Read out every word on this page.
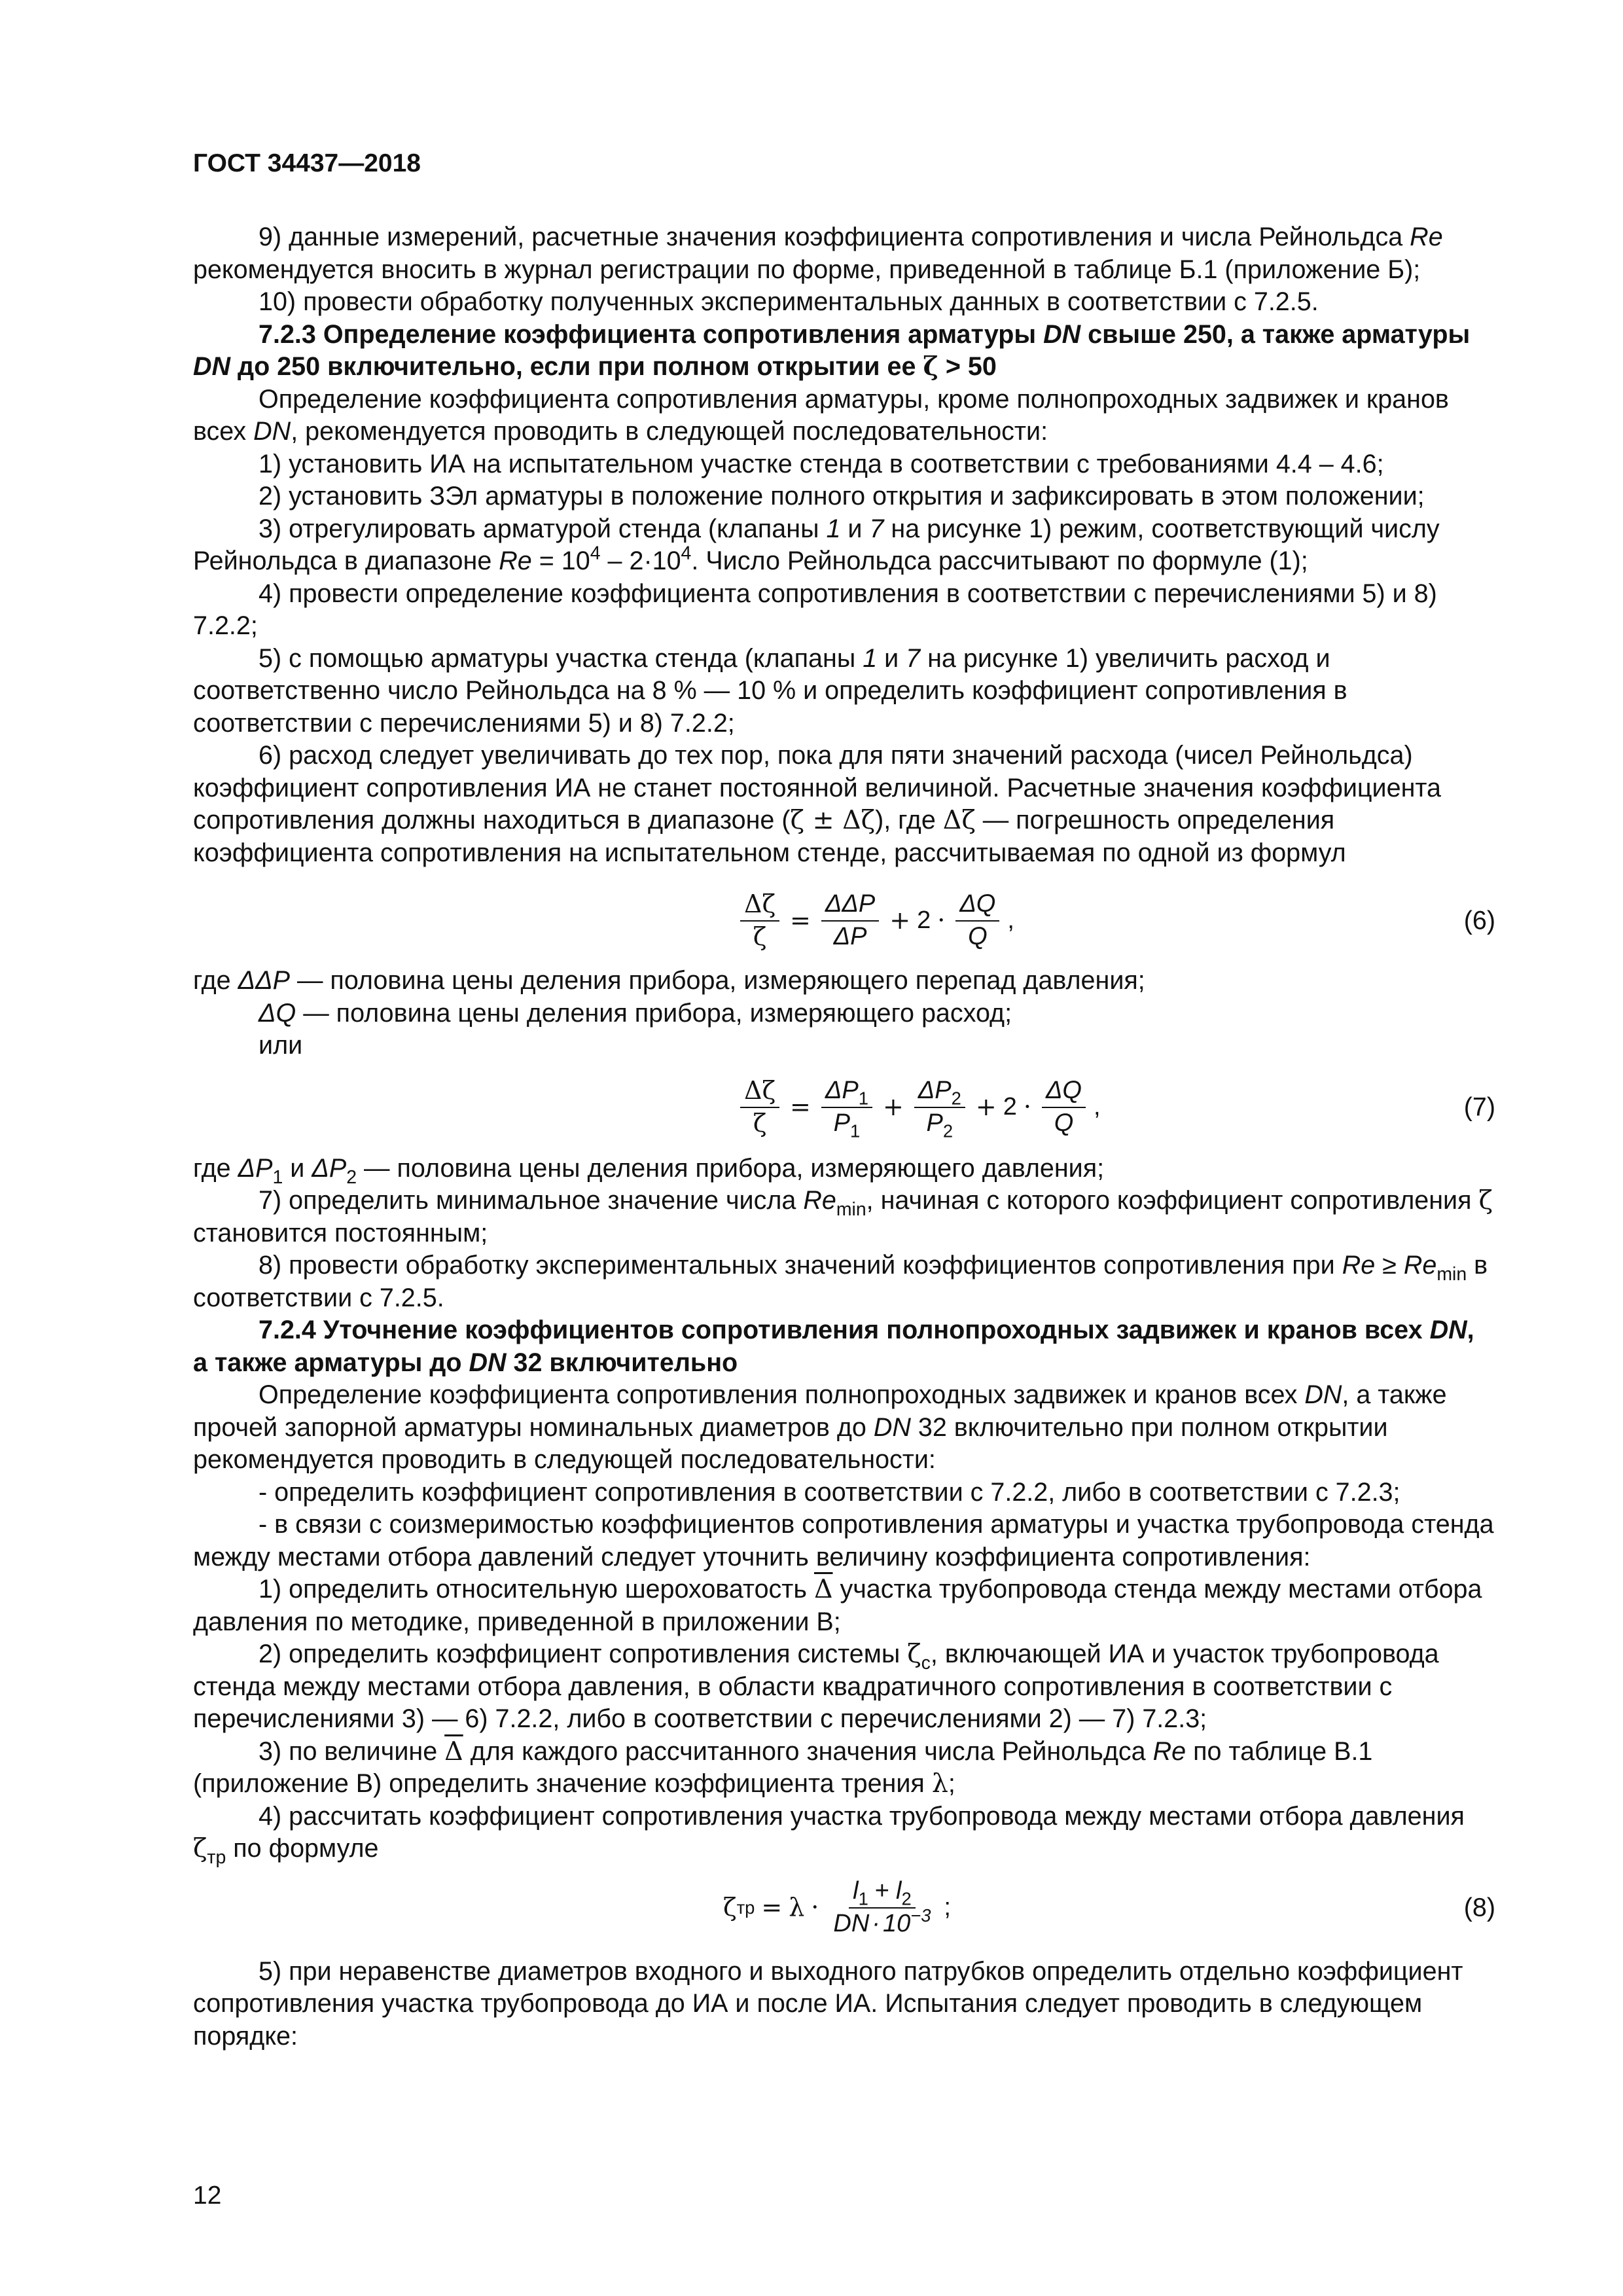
ГОСТ 34437—2018

9) данные измерений, расчетные значения коэффициента сопротивления и числа Рейнольдса Re рекомендуется вносить в журнал регистрации по форме, приведенной в таблице Б.1 (приложение Б);

10) провести обработку полученных экспериментальных данных в соответствии с 7.2.5.

7.2.3 Определение коэффициента сопротивления арматуры DN свыше 250, а также арматуры DN до 250 включительно, если при полном открытии ее ζ > 50

Определение коэффициента сопротивления арматуры, кроме полнопроходных задвижек и кранов всех DN, рекомендуется проводить в следующей последовательности:

1) установить ИА на испытательном участке стенда в соответствии с требованиями 4.4 – 4.6;

2) установить ЗЭл арматуры в положение полного открытия и зафиксировать в этом положении;

3) отрегулировать арматурой стенда (клапаны 1 и 7 на рисунке 1) режим, соответствующий числу Рейнольдса в диапазоне $Re = 10^4 - 2\cdot 10^4$. Число Рейнольдса рассчитывают по формуле (1);

4) провести определение коэффициента сопротивления в соответствии с перечислениями 5) и 8) 7.2.2;

5) с помощью арматуры участка стенда (клапаны 1 и 7 на рисунке 1) увеличить расход и соответственно число Рейнольдса на 8 % — 10 % и определить коэффициент сопротивления в соответствии с перечислениями 5) и 8) 7.2.2;

6) расход следует увеличивать до тех пор, пока для пяти значений расхода (чисел Рейнольдса) коэффициент сопротивления ИА не станет постоянной величиной. Расчетные значения коэффициента сопротивления должны находиться в диапазоне (ζ ± Δζ), где Δζ — погрешность определения коэффициента сопротивления на испытательном стенде, рассчитываемая по одной из формул

$\frac{\Delta\zeta}{\zeta} = \frac{\text{ΔΔP}}{\Delta P} + 2 \cdot \frac{\Delta Q}{Q}$ ,	(6)

где ΔΔP — половина цены деления прибора, измеряющего перепад давления;

ΔQ — половина цены деления прибора, измеряющего расход;

или

$\frac{\Delta\zeta}{\zeta} = \frac{\Delta P_1}{P_1} + \frac{\Delta P_2}{P_2} + 2 \cdot \frac{\Delta Q}{Q}$ ,	(7)

где $\Delta P_1$ и $\Delta P_2$ — половина цены деления прибора, измеряющего давления;

7) определить минимальное значение числа $Re_{min}$, начиная с которого коэффициент сопротивления ζ становится постоянным;

8) провести обработку экспериментальных значений коэффициентов сопротивления при $Re \ge Re_{min}$ в соответствии с 7.2.5.

7.2.4 Уточнение коэффициентов сопротивления полнопроходных задвижек и кранов всех DN, а также арматуры до DN 32 включительно

Определение коэффициента сопротивления полнопроходных задвижек и кранов всех DN, а также прочей запорной арматуры номинальных диаметров до DN 32 включительно при полном открытии рекомендуется проводить в следующей последовательности:

- определить коэффициент сопротивления в соответствии с 7.2.2, либо в соответствии с 7.2.3;

- в связи с соизмеримостью коэффициентов сопротивления арматуры и участка трубопровода стенда между местами отбора давлений следует уточнить величину коэффициента сопротивления:

1) определить относительную шероховатость $\overline{\Delta}$ участка трубопровода стенда между местами отбора давления по методике, приведенной в приложении В;

2) определить коэффициент сопротивления системы $\zeta_с$, включающей ИА и участок трубопровода стенда между местами отбора давления, в области квадратичного сопротивления в соответствии с перечислениями 3) — 6) 7.2.2, либо в соответствии с перечислениями 2) — 7) 7.2.3;

3) по величине $\overline{\Delta}$ для каждого рассчитанного значения числа Рейнольдса Re по таблице В.1 (приложение В) определить значение коэффициента трения λ;

4) рассчитать коэффициент сопротивления участка трубопровода между местами отбора давления $\zeta_{тр}$ по формуле

ζ тр = $\lambda \cdot \frac{l_1 + l_2}{DN \cdot 10^{-3}}$ ;	(8)

5) при неравенстве диаметров входного и выходного патрубков определить отдельно коэффициент сопротивления участка трубопровода до ИА и после ИА. Испытания следует проводить в следующем порядке:

12
